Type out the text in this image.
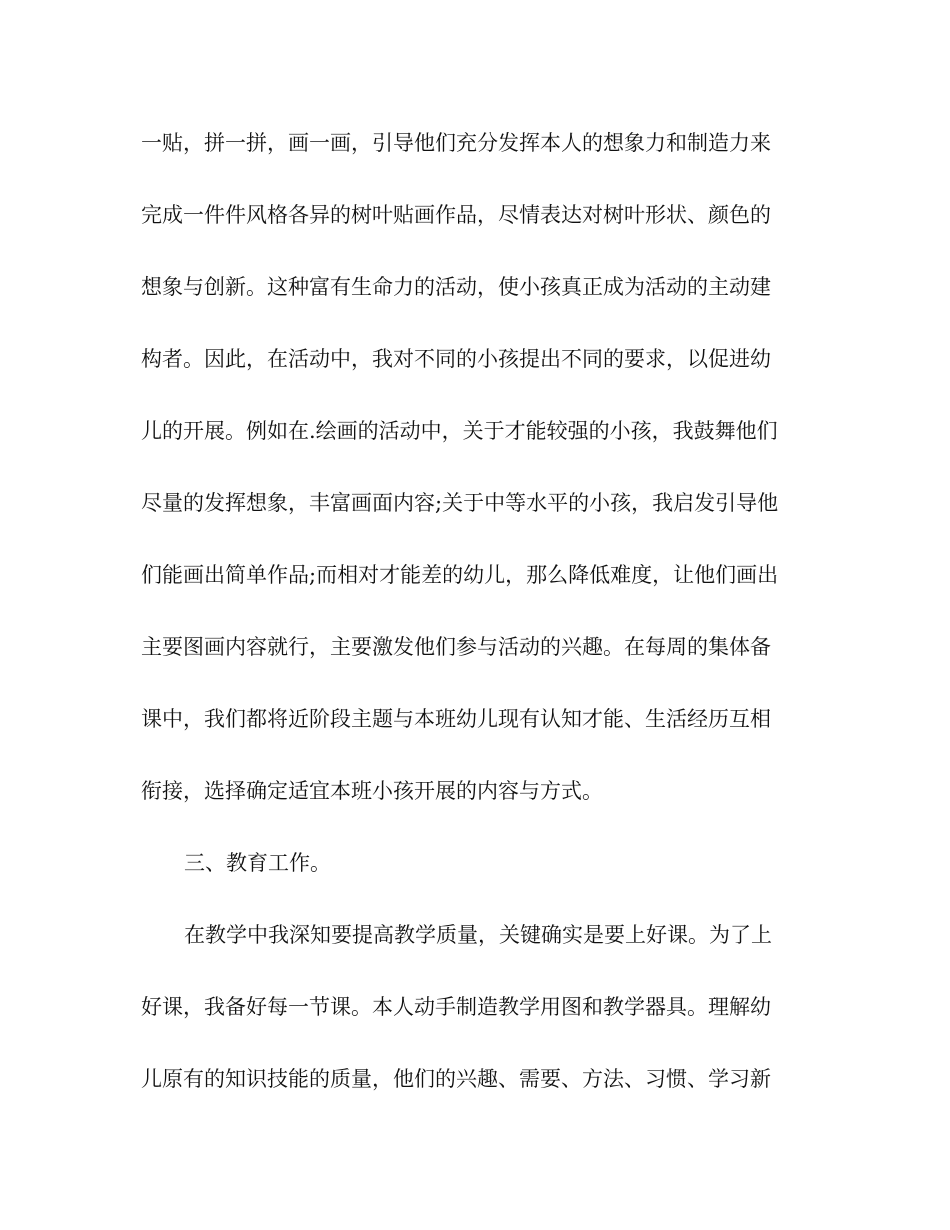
一贴，拼一拼，画一画，引导他们充分发挥本人的想象力和制造力来
完成一件件风格各异的树叶贴画作品，尽情表达对树叶形状、颜色的
想象与创新。这种富有生命力的活动，使小孩真正成为活动的主动建
构者。因此，在活动中，我对不同的小孩提出不同的要求，以促进幼
儿的开展。例如在.绘画的活动中，关于才能较强的小孩，我鼓舞他们
尽量的发挥想象，丰富画面内容;关于中等水平的小孩，我启发引导他
们能画出简单作品;而相对才能差的幼儿，那么降低难度，让他们画出
主要图画内容就行，主要激发他们参与活动的兴趣。在每周的集体备
课中，我们都将近阶段主题与本班幼儿现有认知才能、生活经历互相
衔接，选择确定适宜本班小孩开展的内容与方式。
三、教育工作。
在教学中我深知要提高教学质量，关键确实是要上好课。为了上
好课，我备好每一节课。本人动手制造教学用图和教学器具。理解幼
儿原有的知识技能的质量，他们的兴趣、需要、方法、习惯、学习新
